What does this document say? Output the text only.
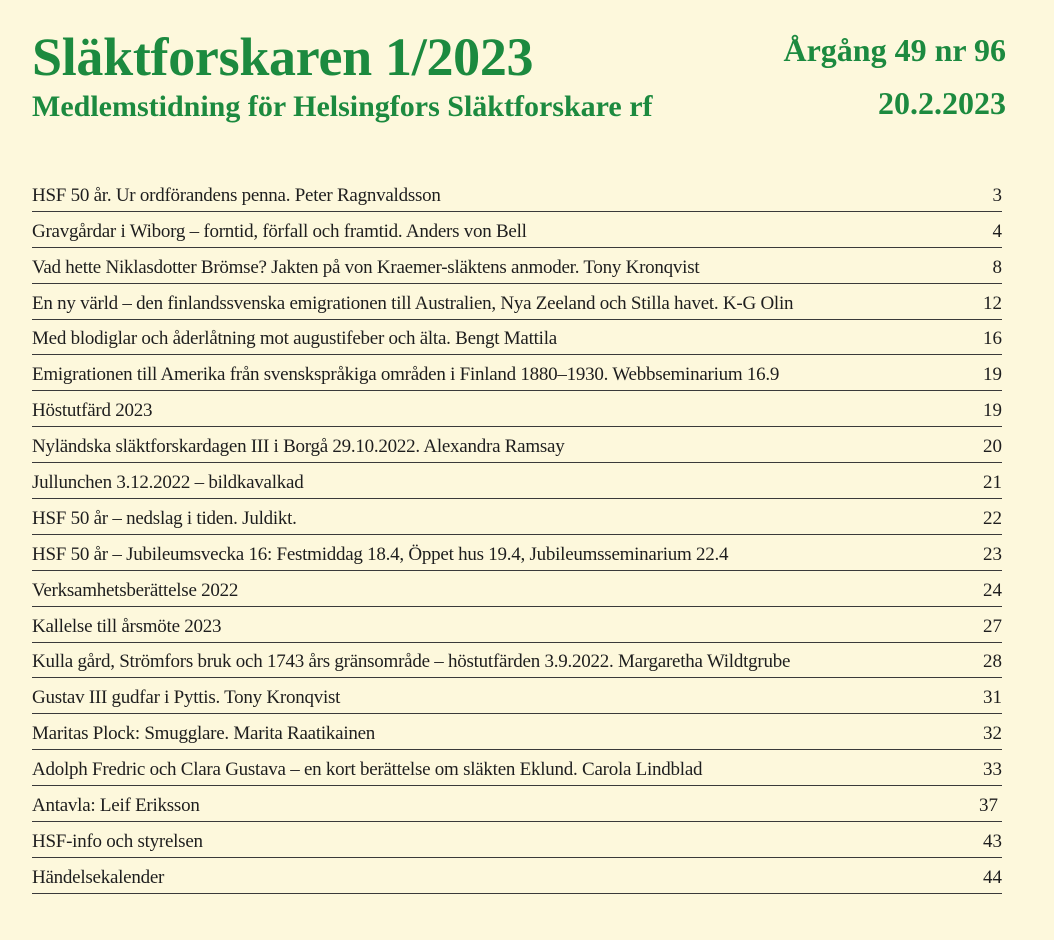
Släktforskaren 1/2023
Medlemstidning för Helsingfors Släktforskare rf
Årgång 49 nr 96
20.2.2023
HSF 50 år. Ur ordförandens penna. Peter Ragnvaldsson	3
Gravgårdar i Wiborg – forntid, förfall och framtid. Anders von Bell	4
Vad hette Niklasdotter Brömse? Jakten på von Kraemer-släktens anmoder. Tony Kronqvist	8
En ny värld – den finlandssvenska emigrationen till Australien, Nya Zeeland och Stilla havet. K-G Olin	12
Med blodiglar och åderlåtning mot augustifeber och älta. Bengt Mattila	16
Emigrationen till Amerika från svenskspråkiga områden i Finland 1880–1930. Webbseminarium 16.9	19
Höstutfärd 2023	19
Nyländska släktforskardagen III i Borgå 29.10.2022. Alexandra Ramsay	20
Jullunchen 3.12.2022 – bildkavalkad	21
HSF 50 år – nedslag i tiden. Juldikt.	22
HSF 50 år – Jubileumsvecka 16: Festmiddag 18.4, Öppet hus 19.4, Jubileumsseminarium 22.4	23
Verksamhetsberättelse 2022	24
Kallelse till årsmöte 2023	27
Kulla gård, Strömfors bruk och 1743 års gränsområde – höstutfärden 3.9.2022. Margaretha Wildtgrube	28
Gustav III gudfar i Pyttis. Tony Kronqvist	31
Maritas Plock: Smugglare. Marita Raatikainen	32
Adolph Fredric och Clara Gustava – en kort berättelse om släkten Eklund. Carola Lindblad	33
Antavla: Leif Eriksson	37
HSF-info och styrelsen	43
Händelsekalender	44
